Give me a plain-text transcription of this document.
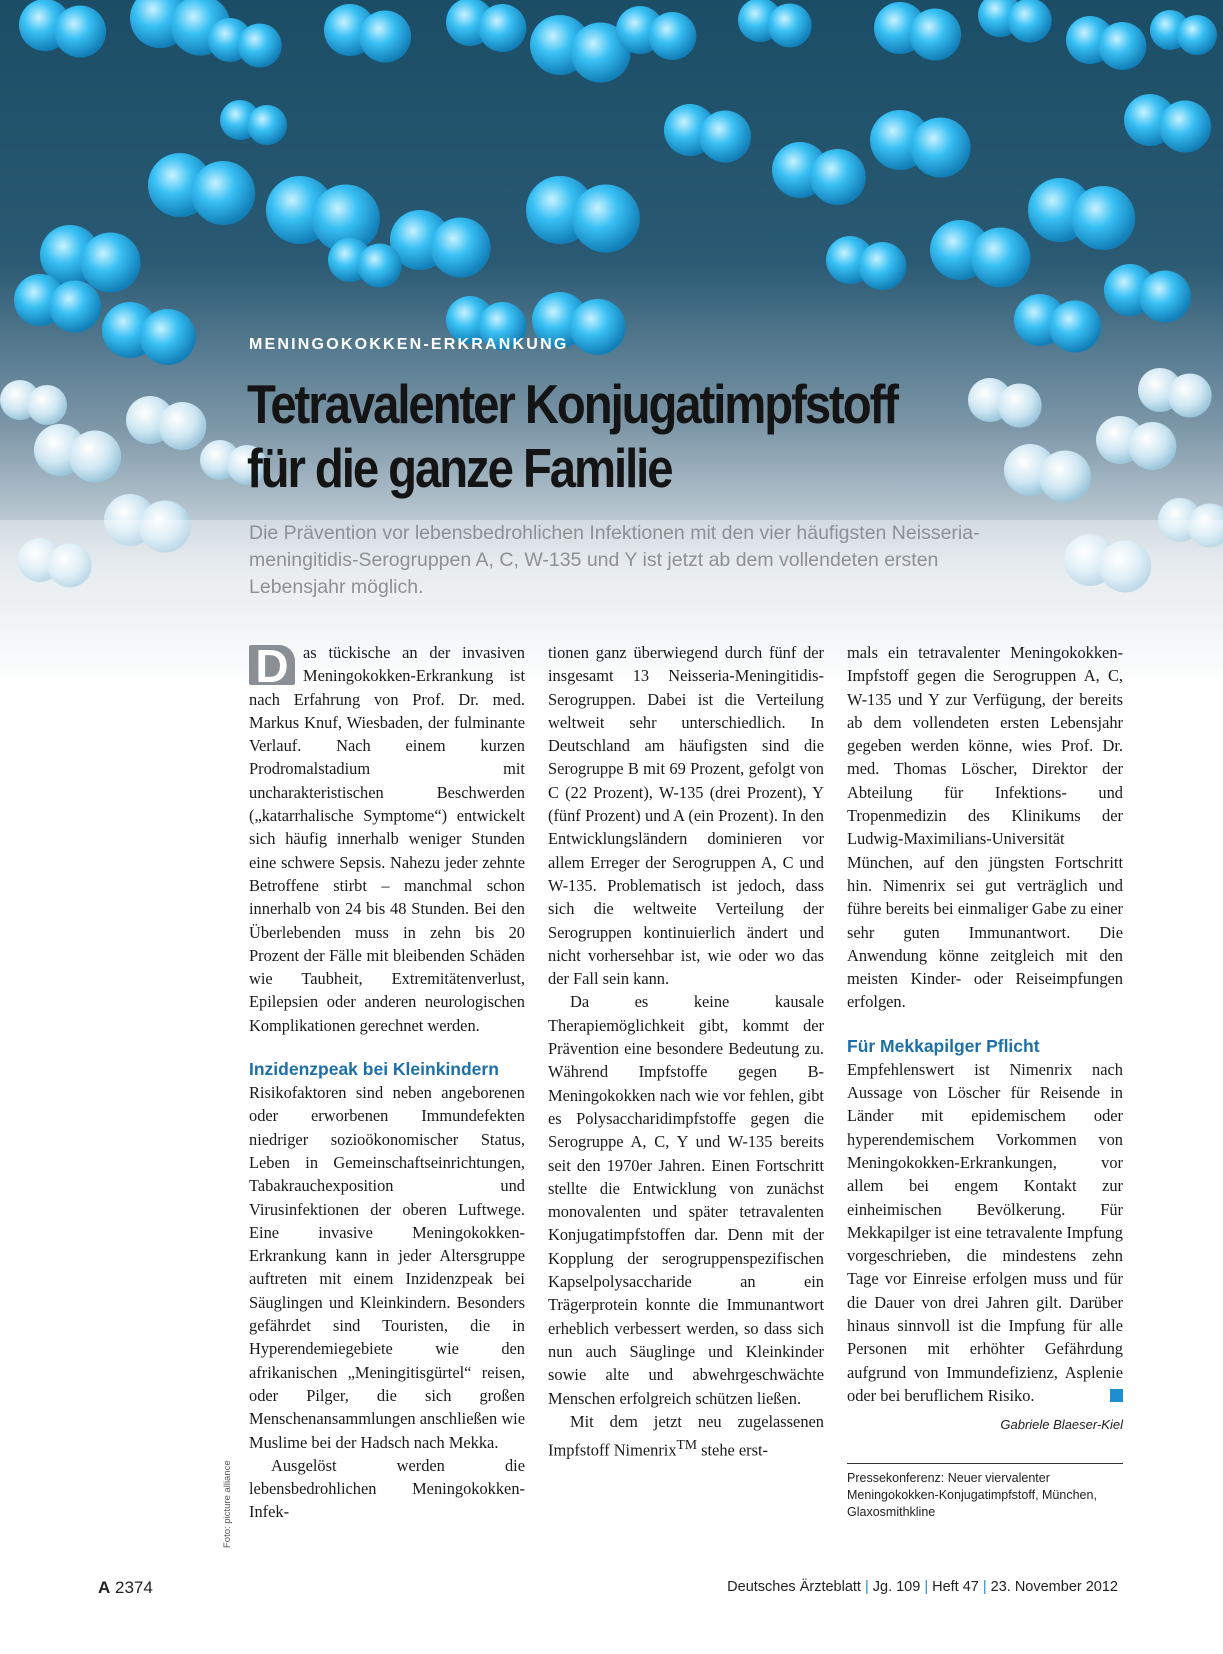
MENINGOKOKKEN-ERKRANKUNG
Tetravalenter Konjugatimpfstoff
für die ganze Familie

Die Prävention vor lebensbedrohlichen Infektionen mit den vier häufigsten Neisseria-meningitidis-Serogruppen A, C, W-135 und Y ist jetzt ab dem vollendeten ersten Lebensjahr möglich.

Foto: picture alliance

D as tückische an der invasiven Meningokokken-Erkrankung ist nach Erfahrung von Prof. Dr. med. Markus Knuf, Wiesbaden, der fulminante Verlauf. Nach einem kurzen Prodromalstadium mit uncharakteristischen Beschwerden („katarrhalische Symptome“) entwickelt sich häufig innerhalb weniger Stunden eine schwere Sepsis. Nahezu jeder zehnte Betroffene stirbt – manchmal schon innerhalb von 24 bis 48 Stunden. Bei den Überlebenden muss in zehn bis 20 Prozent der Fälle mit bleibenden Schäden wie Taubheit, Extremitätenverlust, Epilepsien oder anderen neurologischen Komplikationen gerechnet werden.

Inzidenzpeak bei Kleinkindern

Risikofaktoren sind neben angeborenen oder erworbenen Immundefekten niedriger sozioökonomischer Status, Leben in Gemeinschaftseinrichtungen, Tabakrauchexposition und Virusinfektionen der oberen Luftwege. Eine invasive Meningokokken-Erkrankung kann in jeder Altersgruppe auftreten mit einem Inzidenzpeak bei Säuglingen und Kleinkindern. Besonders gefährdet sind Touristen, die in Hyperendemiegebiete wie den afrikanischen „Meningitisgürtel“ reisen, oder Pilger, die sich großen Menschenansammlungen anschließen wie Muslime bei der Hadsch nach Mekka.

Ausgelöst werden die lebensbedrohlichen Meningokokken-Infek-

tionen ganz überwiegend durch fünf der insgesamt 13 Neisseria-Meningitidis-Serogruppen. Dabei ist die Verteilung weltweit sehr unterschiedlich. In Deutschland am häufigsten sind die Serogruppe B mit 69 Prozent, gefolgt von C (22 Prozent), W-135 (drei Prozent), Y (fünf Prozent) und A (ein Prozent). In den Entwicklungsländern dominieren vor allem Erreger der Serogruppen A, C und W-135. Problematisch ist jedoch, dass sich die weltweite Verteilung der Serogruppen kontinuierlich ändert und nicht vorhersehbar ist, wie oder wo das der Fall sein kann.

Da es keine kausale Therapiemöglichkeit gibt, kommt der Prävention eine besondere Bedeutung zu. Während Impfstoffe gegen B-Meningokokken nach wie vor fehlen, gibt es Polysaccharidimpfstoffe gegen die Serogruppe A, C, Y und W-135 bereits seit den 1970er Jahren. Einen Fortschritt stellte die Entwicklung von zunächst monovalenten und später tetravalenten Konjugatimpfstoffen dar. Denn mit der Kopplung der serogruppenspezifischen Kapselpolysaccharide an ein Trägerprotein konnte die Immunantwort erheblich verbessert werden, so dass sich nun auch Säuglinge und Kleinkinder sowie alte und abwehrgeschwächte Menschen erfolgreich schützen ließen.

Mit dem jetzt neu zugelassenen Impfstoff Nimenrix™ stehe erst-

mals ein tetravalenter Meningokokken-Impfstoff gegen die Serogruppen A, C, W-135 und Y zur Verfügung, der bereits ab dem vollendeten ersten Lebensjahr gegeben werden könne, wies Prof. Dr. med. Thomas Löscher, Direktor der Abteilung für Infektions- und Tropenmedizin des Klinikums der Ludwig-Maximilians-Universität München, auf den jüngsten Fortschritt hin. Nimenrix sei gut verträglich und führe bereits bei einmaliger Gabe zu einer sehr guten Immunantwort. Die Anwendung könne zeitgleich mit den meisten Kinder- oder Reiseimpfungen erfolgen.

Für Mekkapilger Pflicht

Empfehlenswert ist Nimenrix nach Aussage von Löscher für Reisende in Länder mit epidemischem oder hyperendemischem Vorkommen von Meningokokken-Erkrankungen, vor allem bei engem Kontakt zur einheimischen Bevölkerung. Für Mekkapilger ist eine tetravalente Impfung vorgeschrieben, die mindestens zehn Tage vor Einreise erfolgen muss und für die Dauer von drei Jahren gilt. Darüber hinaus sinnvoll ist die Impfung für alle Personen mit erhöhter Gefährdung aufgrund von Immundefizienz, Asplenie oder bei beruflichem Risiko.

Gabriele Blaeser-Kiel

Pressekonferenz: Neuer viervalenter Meningokokken-Konjugatimpfstoff, München, Glaxosmithkline

A 2374	Deutsches Ärzteblatt | Jg. 109 | Heft 47 | 23. November 2012
